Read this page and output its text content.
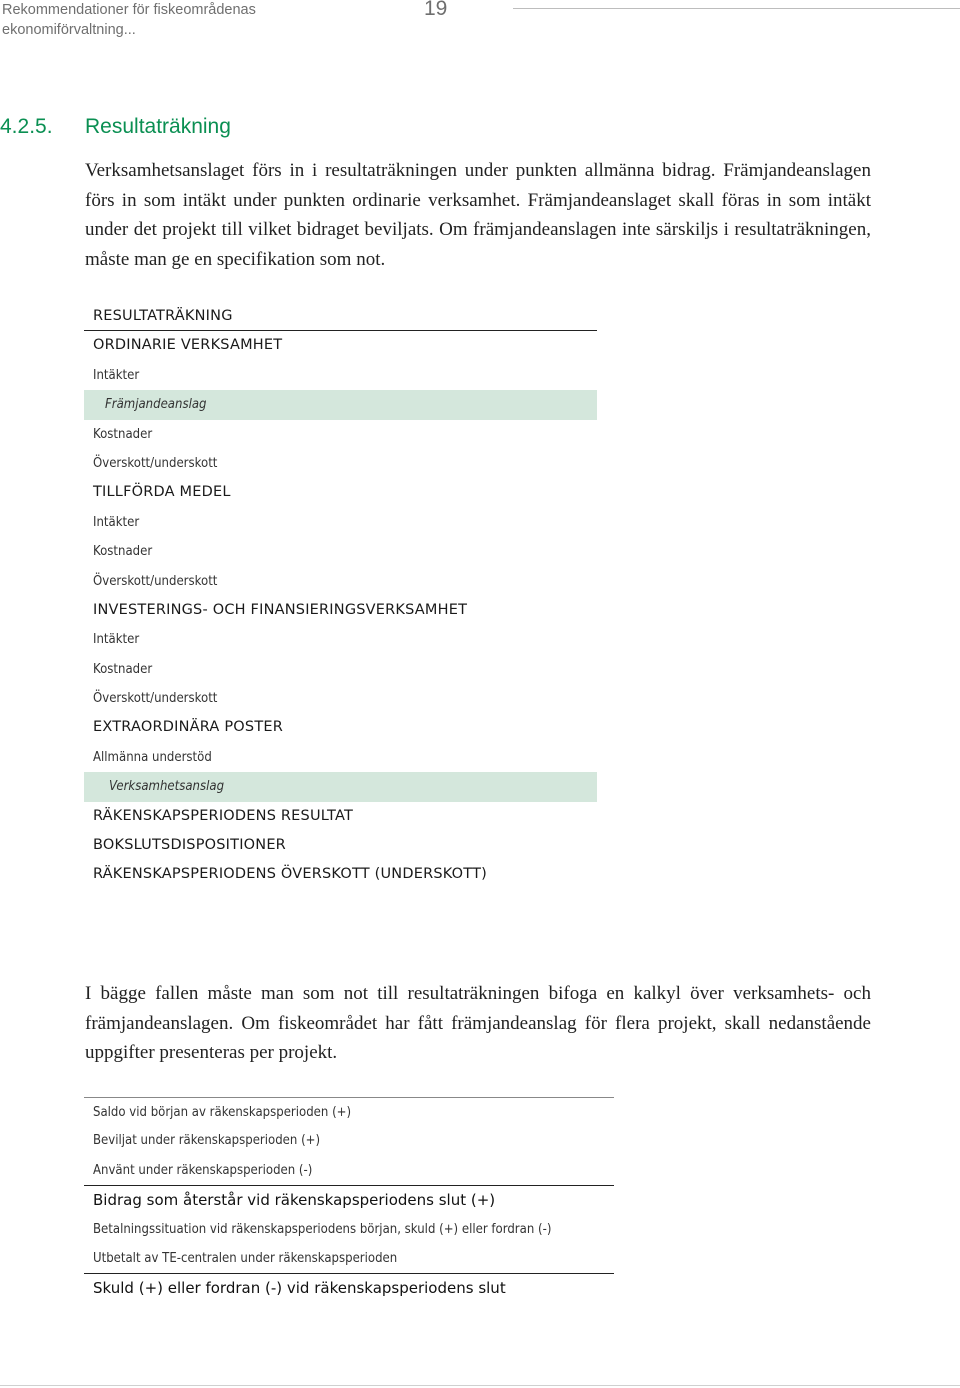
Rekommendationer för fiskeområdenas
ekonomiförvaltning...
19
4.2.5. Resultaträkning

Verksamhetsanslaget förs in i resultaträkningen under punkten allmänna bidrag. Främjandeanslagen förs in som intäkt under punkten ordinarie verksamhet. Främjandeanslaget skall föras in som intäkt under det projekt till vilket bidraget beviljats. Om främjandeanslagen inte särskiljs i resultaträkningen, måste man ge en specifikation som not.

RESULTATRÄKNING
ORDINARIE VERKSAMHET
Intäkter
Främjandeanslag
Kostnader
Överskott/underskott
TILLFÖRDA MEDEL
Intäkter
Kostnader
Överskott/underskott
INVESTERINGS- OCH FINANSIERINGSVERKSAMHET
Intäkter
Kostnader
Överskott/underskott
EXTRAORDINÄRA POSTER
Allmänna understöd
Verksamhetsanslag
RÄKENSKAPSPERIODENS RESULTAT
BOKSLUTSDISPOSITIONER
RÄKENSKAPSPERIODENS ÖVERSKOTT (UNDERSKOTT)

I bägge fallen måste man som not till resultaträkningen bifoga en kalkyl över verksamhets- och främjandeanslagen. Om fiskeområdet har fått främjandeanslag för flera projekt, skall nedanstående uppgifter presenteras per projekt.

Saldo vid början av räkenskapsperioden (+)
Beviljat under räkenskapsperioden (+)
Använt under räkenskapsperioden (-)
Bidrag som återstår vid räkenskapsperiodens slut (+)
Betalningssituation vid räkenskapsperiodens början, skuld (+) eller fordran (-)
Utbetalt av TE-centralen under räkenskapsperioden
Skuld (+) eller fordran (-) vid räkenskapsperiodens slut
